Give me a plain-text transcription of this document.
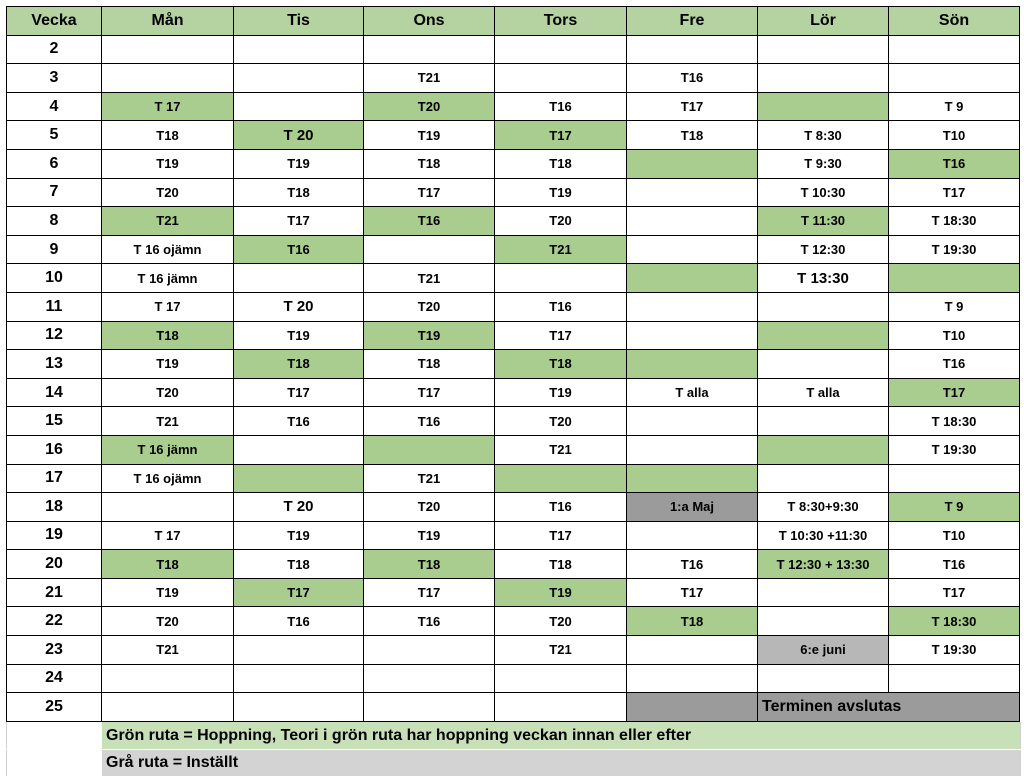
Vecka	Mån	Tis	Ons	Tors	Fre	Lör	Sön
2							
3			T21		T16		
4	T 17		T20	T16	T17		T 9
5	T18	T 20	T19	T17	T18	T 8:30	T10
6	T19	T19	T18	T18		T 9:30	T16
7	T20	T18	T17	T19		T 10:30	T17
8	T21	T17	T16	T20		T 11:30	T 18:30
9	T 16 ojämn	T16		T21		T 12:30	T 19:30
10	T 16 jämn		T21			T 13:30	
11	T 17	T 20	T20	T16			T 9
12	T18	T19	T19	T17			T10
13	T19	T18	T18	T18			T16
14	T20	T17	T17	T19	T alla	T alla	T17
15	T21	T16	T16	T20			T 18:30
16	T 16 jämn			T21			T 19:30
17	T 16 ojämn		T21				
18		T 20	T20	T16	1:a Maj	T 8:30+9:30	T 9
19	T 17	T19	T19	T17		T 10:30 +11:30	T10
20	T18	T18	T18	T18	T16	T 12:30 + 13:30	T16
21	T19	T17	T17	T19	T17		T17
22	T20	T16	T16	T20	T18		T 18:30
23	T21			T21		6:e juni	T 19:30
24							
25						Terminen avslutas	
Grön ruta = Hoppning, Teori i grön ruta har hoppning veckan innan eller efter
Grå ruta = Inställt
